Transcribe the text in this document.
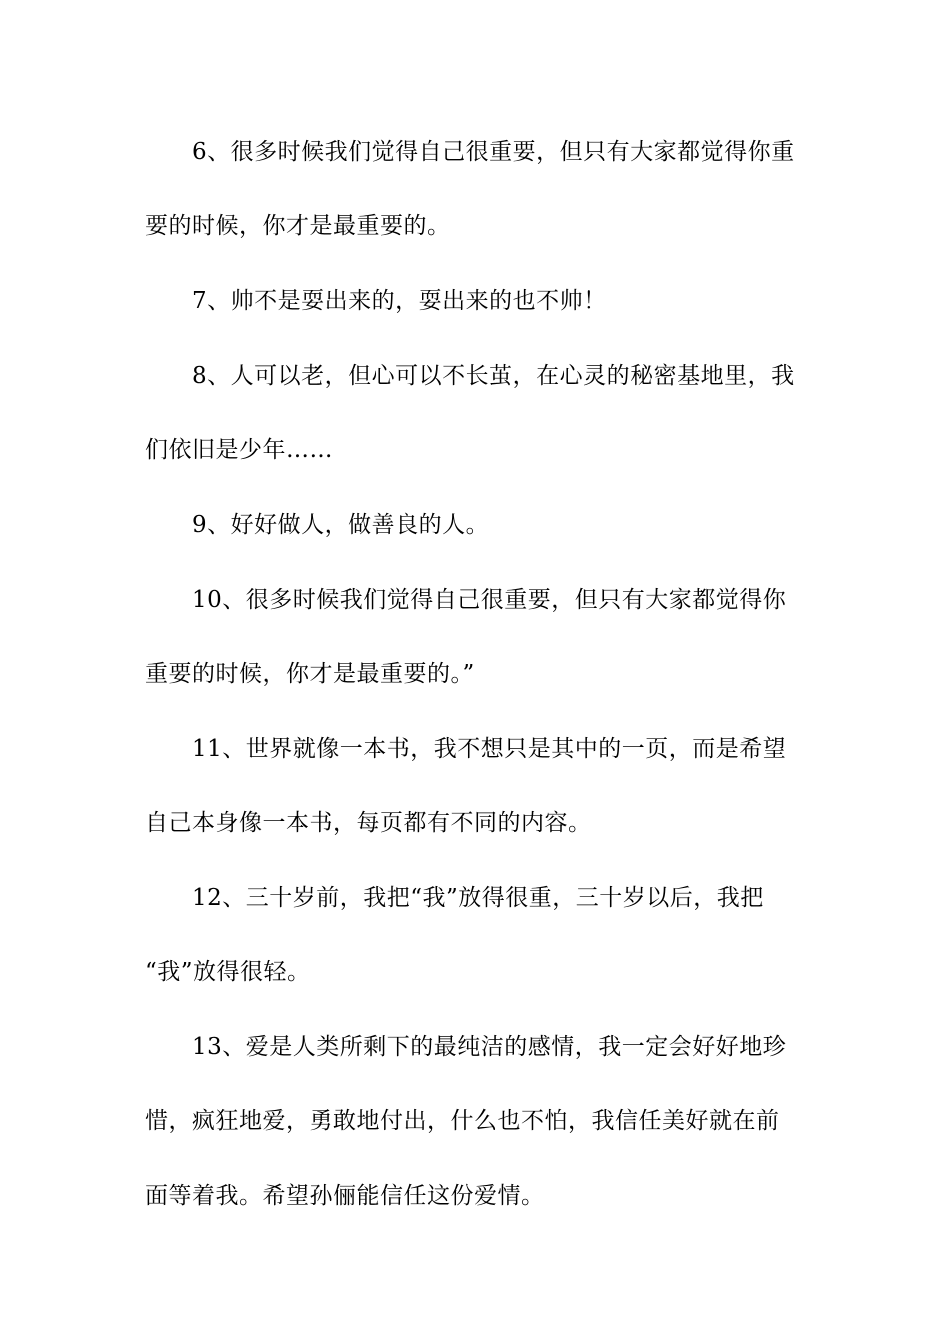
6、很多时候我们觉得自己很重要，但只有大家都觉得你重
要的时候，你才是最重要的。
7、帅不是耍出来的，耍出来的也不帅！
8、人可以老，但心可以不长茧，在心灵的秘密基地里，我
们依旧是少年……
9、好好做人，做善良的人。
10、很多时候我们觉得自己很重要，但只有大家都觉得你
重要的时候，你才是最重要的。”
11、世界就像一本书，我不想只是其中的一页，而是希望
自己本身像一本书，每页都有不同的内容。
12、三十岁前，我把“我”放得很重，三十岁以后，我把
“我”放得很轻。
13、爱是人类所剩下的最纯洁的感情，我一定会好好地珍
惜，疯狂地爱，勇敢地付出，什么也不怕，我信任美好就在前
面等着我。希望孙俪能信任这份爱情。
